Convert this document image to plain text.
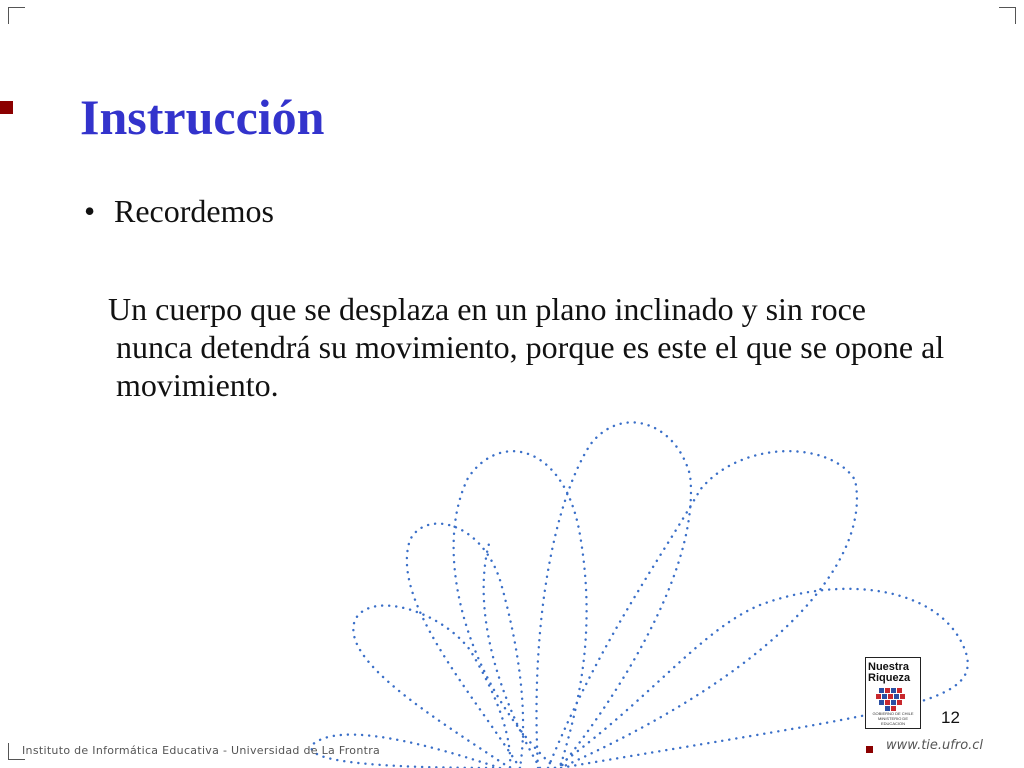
Instrucción
• Recordemos
Un cuerpo que se desplaza en un plano inclinado y sin roce nunca detendrá su movimiento, porque es este el que se opone al movimiento.
Nuestra
Riqueza
GOBIERNO DE CHILE MINISTERIO DE EDUCACION	12
Instituto de Informática Educativa - Universidad de La Frontra	www.tie.ufro.cl
